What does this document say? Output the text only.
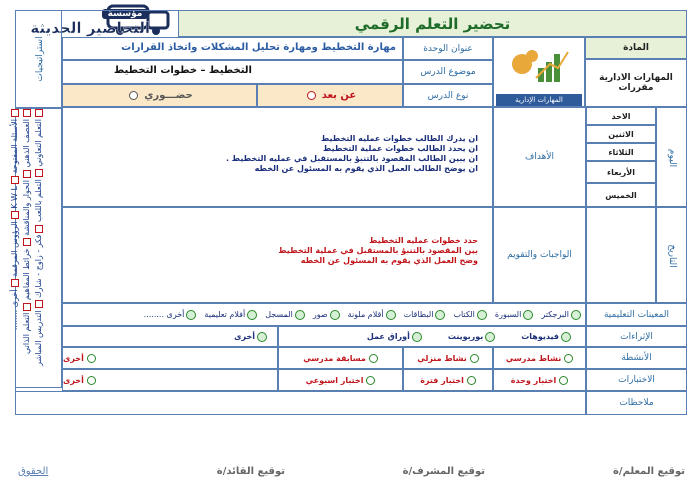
مؤسسة
التحاضير الحديثة	تحضير التعلم الرقمي
استراتيجيات
التعلم التعاوني التعلم باللعب فكر - زاوج - شارك التدريس المباشر
العصف الذهني الحوار والمناقشة خرائط المفاهيم التعلم الذاتي
الأسئلة المفتوحة K W L الرؤوس المرقمة أخرى ........
المادة
المهارات الادارية مقررات
المهارات الإدارية
عنوان الوحدة
مهارة التخطيط ومهارة تحليل المشكلات واتخاذ القرارات
موضوع الدرس
التخطيط – خطوات التخطيط
نوع الدرس
عن بعد
حضـــوري
اليوم
التاريخ
الاحد
الاثنين
الثلاثاء
الأربعاء
الخميس
الأهداف
ان يدرك الطالب خطوات عمليه التخطيط
ان يحدد الطالب خطوات عملية التخطيط
ان يبين الطالب المقصود بالتنبؤ بالمستقبل في عمليه التخطيط .
ان يوضح الطالب العمل الذي يقوم به المسئول عن الخطه
الواجبات والتقويم
حدد خطوات عمليه التخطيط
بين المقصود بالتنبؤ بالمستقبل في عملية التخطيط
وضح العمل الذي يقوم به المسئول عن الخطه
المعينات التعليمية
البرجكتر
السبورة
الكتاب
البطاقات
أقلام ملونة
صور
المسجل
أفلام تعليمية
أخرى ........
الإثراءات
فيديوهات
بوربوينت
أوراق عمل
أخرى
الأنشطة
نشاط مدرسي
نشاط منزلي
مسابقة مدرسي
أخرى
الاختبارات
اختبار وحدة
اختبار فترة
اختبار اسبوعي
أخرى
ملاحظات
توقيع المعلم/ة
توقيع المشرف/ة
توقيع القائد/ة
الحقوق
